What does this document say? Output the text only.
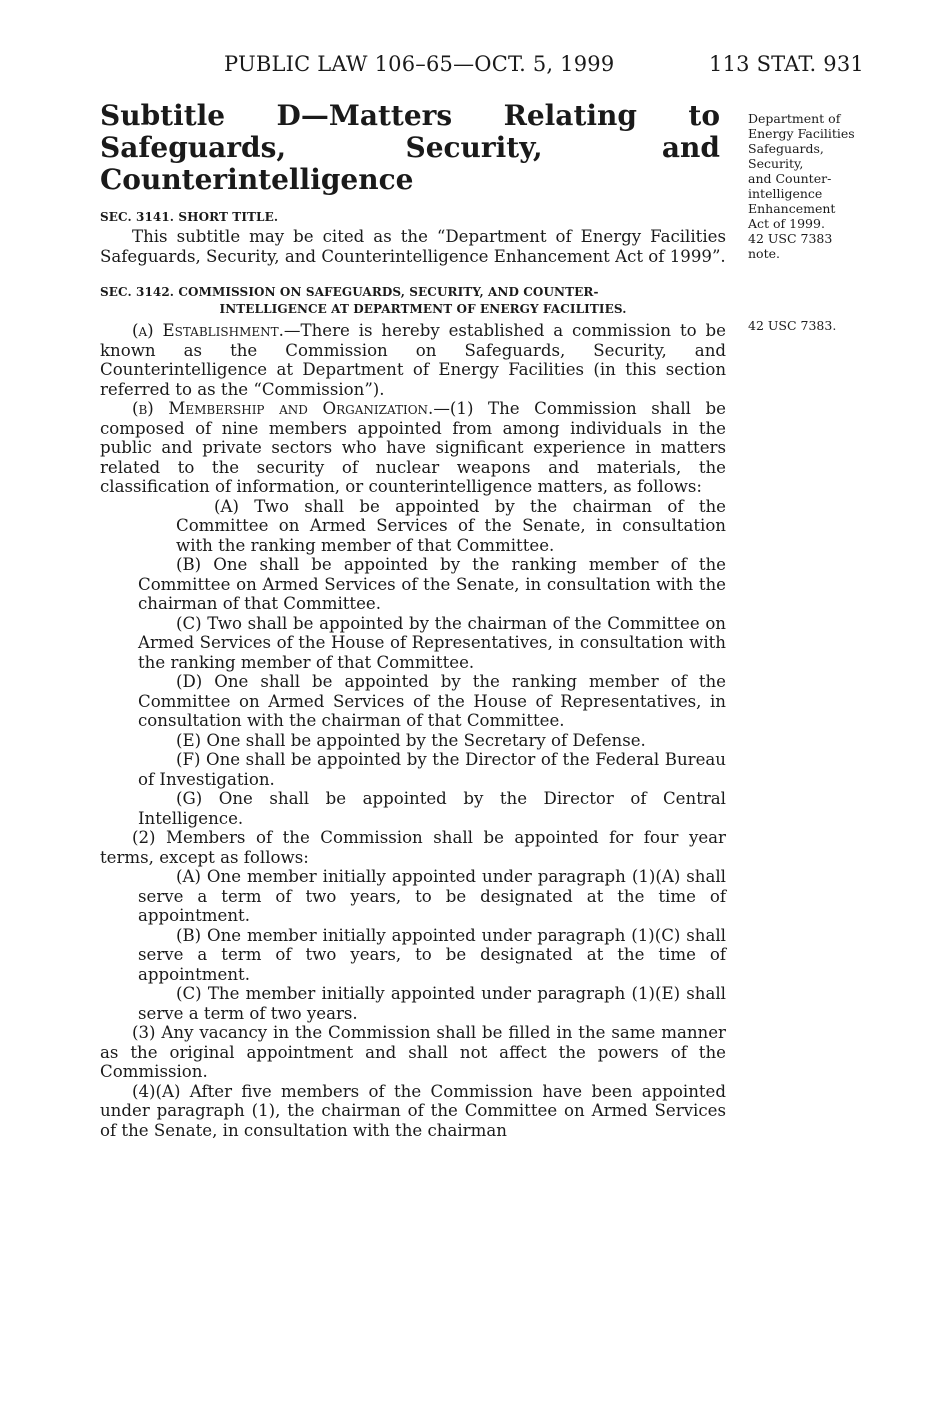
PUBLIC LAW 106–65—OCT. 5, 1999	113 STAT. 931
Department of
Energy Facilities
Safeguards,
Security,
and Counter-
intelligence
Enhancement
Act of 1999.
42 USC 7383
note.
42 USC 7383.
Subtitle D—Matters Relating to Safeguards, Security, and Counterintelligence
SEC. 3141. SHORT TITLE.

This subtitle may be cited as the “Department of Energy Facilities Safeguards, Security, and Counterintelligence Enhancement Act of 1999”.

SEC. 3142. COMMISSION ON SAFEGUARDS, SECURITY, AND COUNTER-
INTELLIGENCE AT DEPARTMENT OF ENERGY FACILITIES.

(a) Establishment.—There is hereby established a commission to be known as the Commission on Safeguards, Security, and Counterintelligence at Department of Energy Facilities (in this section referred to as the “Commission”).

(b) Membership and Organization.—(1) The Commission shall be composed of nine members appointed from among individuals in the public and private sectors who have significant experience in matters related to the security of nuclear weapons and materials, the classification of information, or counterintelligence matters, as follows:

(A) Two shall be appointed by the chairman of the Committee on Armed Services of the Senate, in consultation with the ranking member of that Committee.

(B) One shall be appointed by the ranking member of the Committee on Armed Services of the Senate, in consultation with the chairman of that Committee.

(C) Two shall be appointed by the chairman of the Committee on Armed Services of the House of Representatives, in consultation with the ranking member of that Committee.

(D) One shall be appointed by the ranking member of the Committee on Armed Services of the House of Representatives, in consultation with the chairman of that Committee.

(E) One shall be appointed by the Secretary of Defense.

(F) One shall be appointed by the Director of the Federal Bureau of Investigation.

(G) One shall be appointed by the Director of Central Intelligence.

(2) Members of the Commission shall be appointed for four year terms, except as follows:

(A) One member initially appointed under paragraph (1)(A) shall serve a term of two years, to be designated at the time of appointment.

(B) One member initially appointed under paragraph (1)(C) shall serve a term of two years, to be designated at the time of appointment.

(C) The member initially appointed under paragraph (1)(E) shall serve a term of two years.

(3) Any vacancy in the Commission shall be filled in the same manner as the original appointment and shall not affect the powers of the Commission.

(4)(A) After five members of the Commission have been appointed under paragraph (1), the chairman of the Committee on Armed Services of the Senate, in consultation with the chairman
